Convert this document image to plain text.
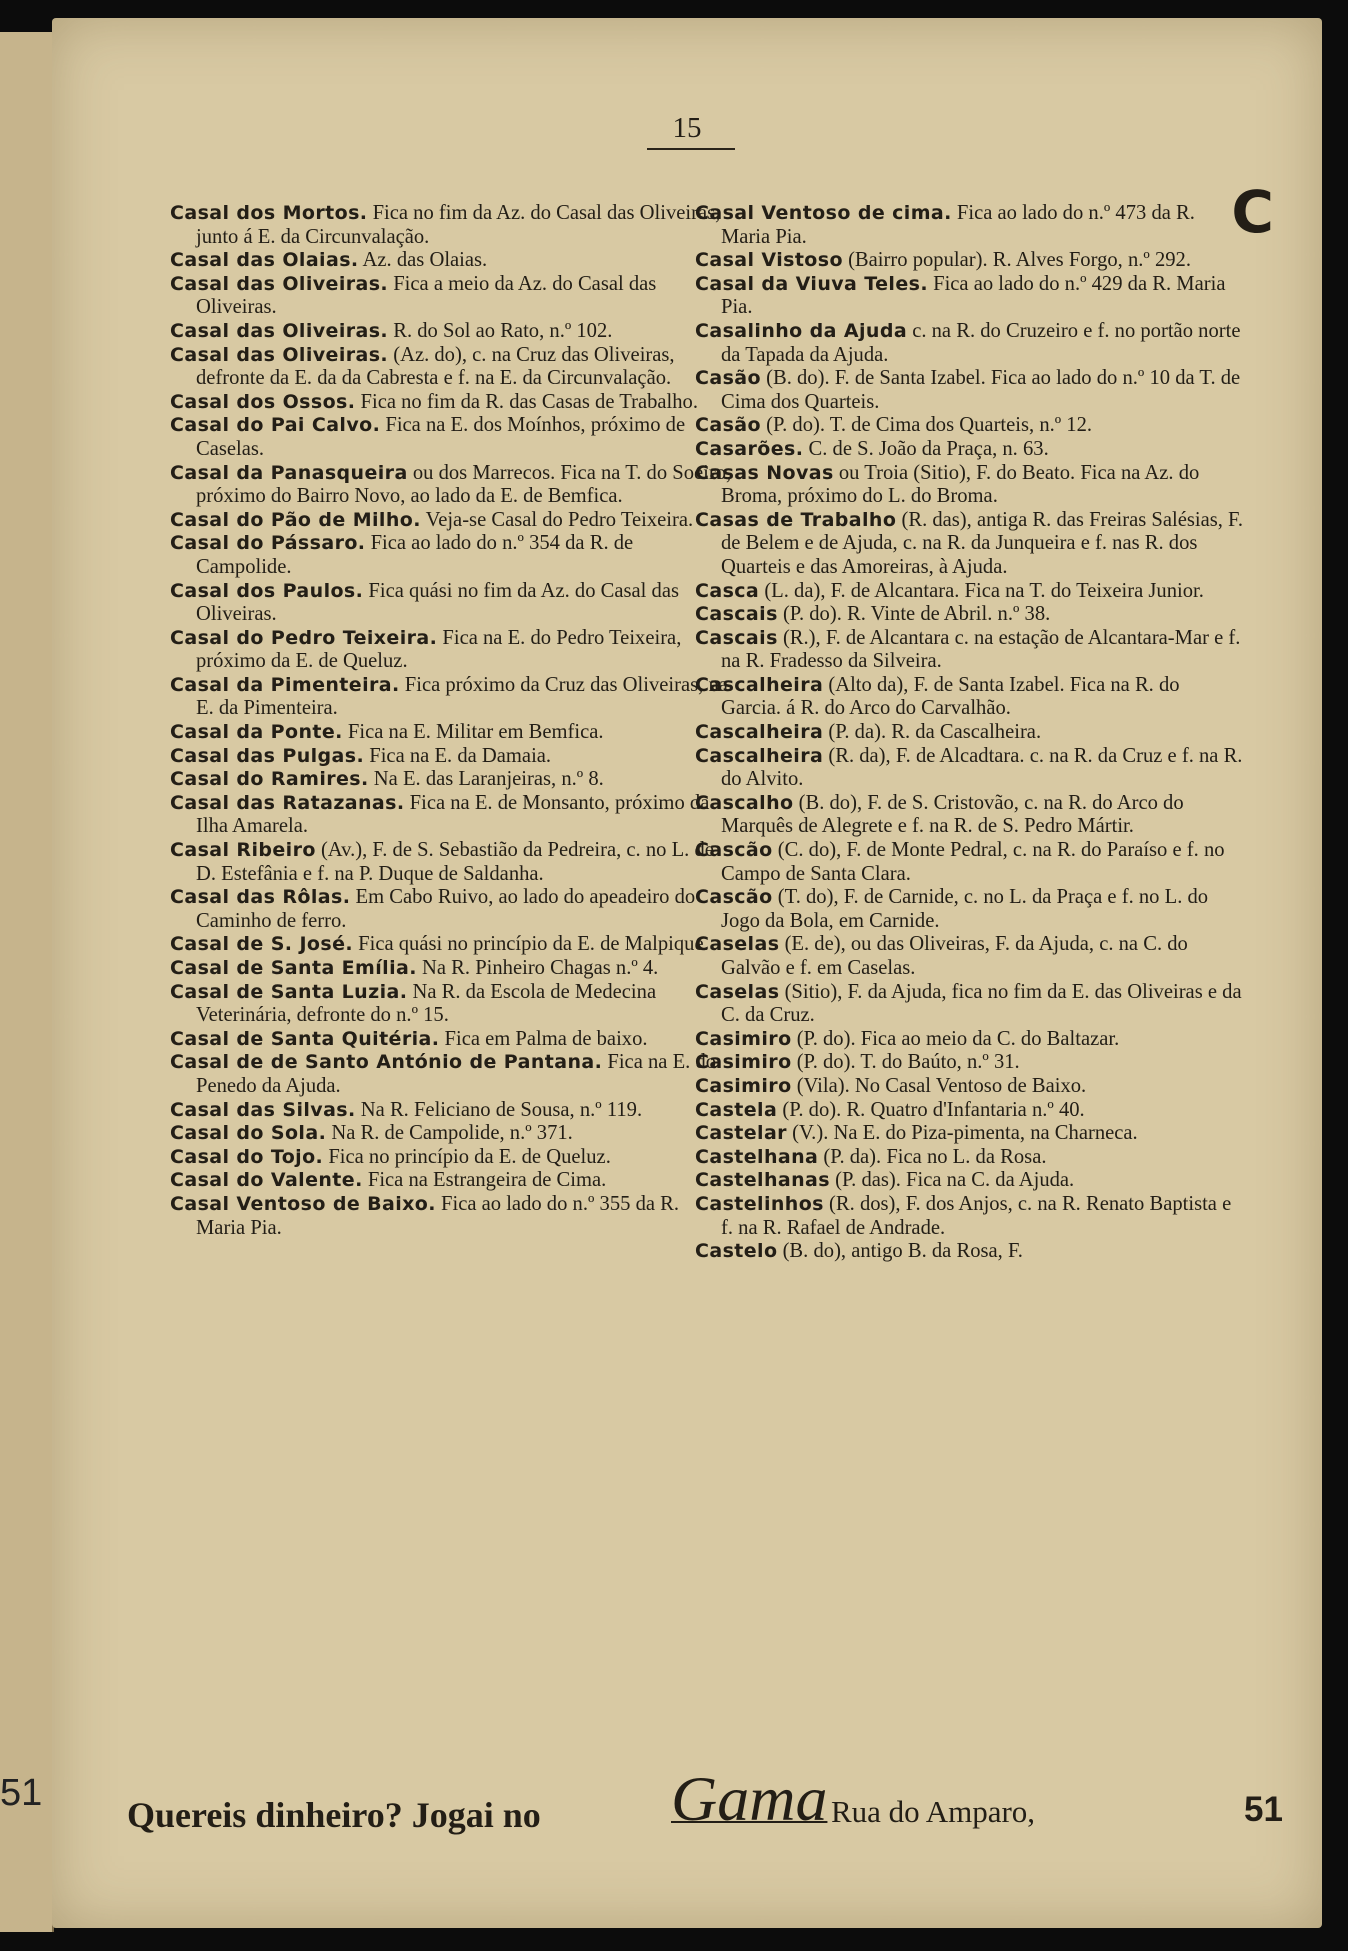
51
15
C
Casal dos Mortos. Fica no fim da Az. do Casal das Oliveiras, junto á E. da Circunvalação.
Casal das Olaias. Az. das Olaias.
Casal das Oliveiras. Fica a meio da Az. do Casal das Oliveiras.
Casal das Oliveiras. R. do Sol ao Rato, n.º 102.
Casal das Oliveiras. (Az. do), c. na Cruz das Oliveiras, defronte da E. da da Cabresta e f. na E. da Circunvalação.
Casal dos Ossos. Fica no fim da R. das Casas de Trabalho.
Casal do Pai Calvo. Fica na E. dos Moínhos, próximo de Caselas.
Casal da Panasqueira ou dos Marrecos. Fica na T. do Soeiro, próximo do Bairro Novo, ao lado da E. de Bemfica.
Casal do Pão de Milho. Veja-se Casal do Pedro Teixeira.
Casal do Pássaro. Fica ao lado do n.º 354 da R. de Campolide.
Casal dos Paulos. Fica quási no fim da Az. do Casal das Oliveiras.
Casal do Pedro Teixeira. Fica na E. do Pedro Teixeira, próximo da E. de Queluz.
Casal da Pimenteira. Fica próximo da Cruz das Oliveiras, na E. da Pimenteira.
Casal da Ponte. Fica na E. Militar em Bemfica.
Casal das Pulgas. Fica na E. da Damaia.
Casal do Ramires. Na E. das Laranjeiras, n.º 8.
Casal das Ratazanas. Fica na E. de Monsanto, próximo da Ilha Amarela.
Casal Ribeiro (Av.), F. de S. Sebastião da Pedreira, c. no L. de D. Estefânia e f. na P. Duque de Saldanha.
Casal das Rôlas. Em Cabo Ruivo, ao lado do apeadeiro do Caminho de ferro.
Casal de S. José. Fica quási no princípio da E. de Malpique.
Casal de Santa Emília. Na R. Pinheiro Chagas n.º 4.
Casal de Santa Luzia. Na R. da Escola de Medecina Veterinária, defronte do n.º 15.
Casal de Santa Quitéria. Fica em Palma de baixo.
Casal de de Santo António de Pantana. Fica na E. do Penedo da Ajuda.
Casal das Silvas. Na R. Feliciano de Sousa, n.º 119.
Casal do Sola. Na R. de Campolide, n.º 371.
Casal do Tojo. Fica no princípio da E. de Queluz.
Casal do Valente. Fica na Estrangeira de Cima.
Casal Ventoso de Baixo. Fica ao lado do n.º 355 da R. Maria Pia.
Casal Ventoso de cima. Fica ao lado do n.º 473 da R. Maria Pia.
Casal Vistoso (Bairro popular). R. Alves Forgo, n.º 292.
Casal da Viuva Teles. Fica ao lado do n.º 429 da R. Maria Pia.
Casalinho da Ajuda c. na R. do Cruzeiro e f. no portão norte da Tapada da Ajuda.
Casão (B. do). F. de Santa Izabel. Fica ao lado do n.º 10 da T. de Cima dos Quarteis.
Casão (P. do). T. de Cima dos Quarteis, n.º 12.
Casarões. C. de S. João da Praça, n. 63.
Casas Novas ou Troia (Sitio), F. do Beato. Fica na Az. do Broma, próximo do L. do Broma.
Casas de Trabalho (R. das), antiga R. das Freiras Salésias, F. de Belem e de Ajuda, c. na R. da Junqueira e f. nas R. dos Quarteis e das Amoreiras, à Ajuda.
Casca (L. da), F. de Alcantara. Fica na T. do Teixeira Junior.
Cascais (P. do). R. Vinte de Abril. n.º 38.
Cascais (R.), F. de Alcantara c. na estação de Alcantara-Mar e f. na R. Fradesso da Silveira.
Cascalheira (Alto da), F. de Santa Izabel. Fica na R. do Garcia. á R. do Arco do Carvalhão.
Cascalheira (P. da). R. da Cascalheira.
Cascalheira (R. da), F. de Alcadtara. c. na R. da Cruz e f. na R. do Alvito.
Cascalho (B. do), F. de S. Cristovão, c. na R. do Arco do Marquês de Alegrete e f. na R. de S. Pedro Mártir.
Cascão (C. do), F. de Monte Pedral, c. na R. do Paraíso e f. no Campo de Santa Clara.
Cascão (T. do), F. de Carnide, c. no L. da Praça e f. no L. do Jogo da Bola, em Carnide.
Caselas (E. de), ou das Oliveiras, F. da Ajuda, c. na C. do Galvão e f. em Caselas.
Caselas (Sitio), F. da Ajuda, fica no fim da E. das Oliveiras e da C. da Cruz.
Casimiro (P. do). Fica ao meio da C. do Baltazar.
Casimiro (P. do). T. do Baúto, n.º 31.
Casimiro (Vila). No Casal Ventoso de Baixo.
Castela (P. do). R. Quatro d'Infantaria n.º 40.
Castelar (V.). Na E. do Piza-pimenta, na Charneca.
Castelhana (P. da). Fica no L. da Rosa.
Castelhanas (P. das). Fica na C. da Ajuda.
Castelinhos (R. dos), F. dos Anjos, c. na R. Renato Baptista e f. na R. Rafael de Andrade.
Castelo (B. do), antigo B. da Rosa, F.
Quereis dinheiro? Jogai no Gama Rua do Amparo,	51
